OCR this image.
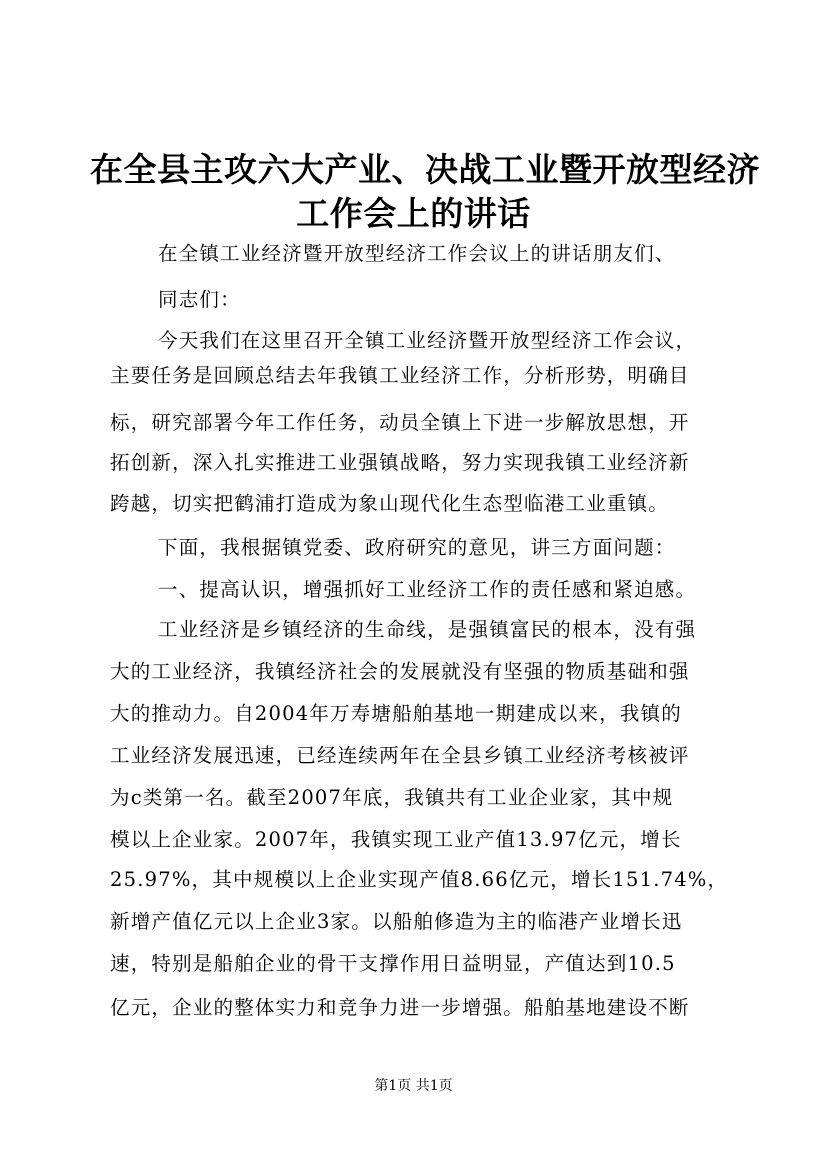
在全县主攻六大产业、决战工业暨开放型经济
工作会上的讲话
在全镇工业经济暨开放型经济工作会议上的讲话朋友们、
同志们：
今天我们在这里召开全镇工业经济暨开放型经济工作会议，
主要任务是回顾总结去年我镇工业经济工作，分析形势，明确目
标，研究部署今年工作任务，动员全镇上下进一步解放思想，开
拓创新，深入扎实推进工业强镇战略，努力实现我镇工业经济新
跨越，切实把鹤浦打造成为象山现代化生态型临港工业重镇。
下面，我根据镇党委、政府研究的意见，讲三方面问题：
一、提高认识，增强抓好工业经济工作的责任感和紧迫感。
工业经济是乡镇经济的生命线，是强镇富民的根本，没有强
大的工业经济，我镇经济社会的发展就没有坚强的物质基础和强
大的推动力。自2004年万寿塘船舶基地一期建成以来，我镇的
工业经济发展迅速，已经连续两年在全县乡镇工业经济考核被评
为c类第一名。截至2007年底，我镇共有工业企业家，其中规
模以上企业家。2007年，我镇实现工业产值13.97亿元，增长
25.97%，其中规模以上企业实现产值8.66亿元，增长151.74%，
新增产值亿元以上企业3家。以船舶修造为主的临港产业增长迅
速，特别是船舶企业的骨干支撑作用日益明显，产值达到10.5
亿元，企业的整体实力和竞争力进一步增强。船舶基地建设不断
第1页 共1页
